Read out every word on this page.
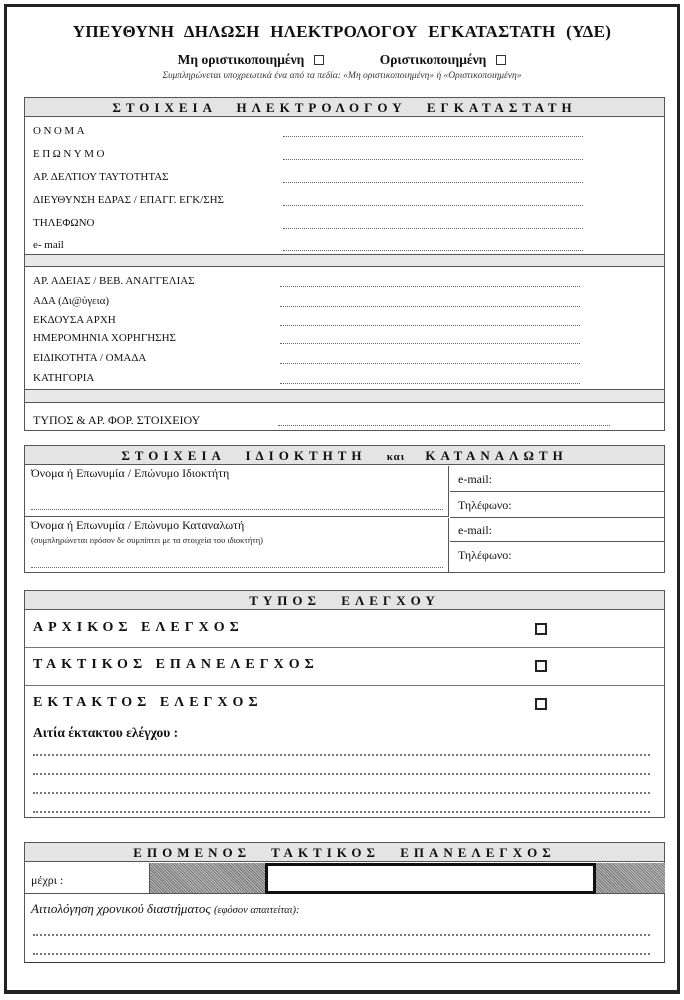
ΥΠΕΥΘΥΝΗ ΔΗΛΩΣΗ ΗΛΕΚΤΡΟΛΟΓΟΥ ΕΓΚΑΤΑΣΤΑΤΗ (ΥΔΕ)
Μη οριστικοποιημένη	Οριστικοποιημένη
Συμπληρώνεται υποχρεωτικά ένα από τα πεδία: «Μη οριστικοποιημένη» ή «Οριστικοποιημένη»
ΣΤΟΙΧΕΙΑ ΗΛΕΚΤΡΟΛΟΓΟΥ ΕΓΚΑΤΑΣΤΑΤΗ
ΟΝΟΜΑ
ΕΠΩΝΥΜΟ
ΑΡ. ΔΕΛΤΙΟΥ ΤΑΥΤΟΤΗΤΑΣ
ΔΙΕΥΘΥΝΣΗ ΕΔΡΑΣ / ΕΠΑΓΓ. ΕΓΚ/ΣΗΣ
ΤΗΛΕΦΩΝΟ
e- mail
ΑΡ. ΑΔΕΙΑΣ / ΒΕΒ. ΑΝΑΓΓΕΛΙΑΣ
ΑΔΑ (Δι@ύγεια)
ΕΚΔΟΥΣΑ ΑΡΧΗ
ΗΜΕΡΟΜΗΝΙΑ ΧΟΡΗΓΗΣΗΣ
ΕΙΔΙΚΟΤΗΤΑ / ΟΜΑΔΑ
ΚΑΤΗΓΟΡΙΑ
ΤΥΠΟΣ & ΑΡ. ΦΟΡ. ΣΤΟΙΧΕΙΟΥ
ΣΤΟΙΧΕΙΑ ΙΔΙΟΚΤΗΤΗ και ΚΑΤΑΝΑΛΩΤΗ
Όνομα ή Επωνυμία / Επώνυμο Ιδιοκτήτη
Όνομα ή Επωνυμία / Επώνυμο Καταναλωτή
(συμπληρώνεται εφόσον δε συμπίπτει με τα στοιχεία του ιδιοκτήτη)
e-mail:
Τηλέφωνο:
e-mail:
Τηλέφωνο:
ΤΥΠΟΣ ΕΛΕΓΧΟΥ
ΑΡΧΙΚΟΣ ΕΛΕΓΧΟΣ
ΤΑΚΤΙΚΟΣ ΕΠΑΝΕΛΕΓΧΟΣ
ΕΚΤΑΚΤΟΣ ΕΛΕΓΧΟΣ
Αιτία έκτακτου ελέγχου :
ΕΠΟΜΕΝΟΣ ΤΑΚΤΙΚΟΣ ΕΠΑΝΕΛΕΓΧΟΣ
μέχρι :
Αιτιολόγηση χρονικού διαστήματος (εφόσον απαιτείται):
